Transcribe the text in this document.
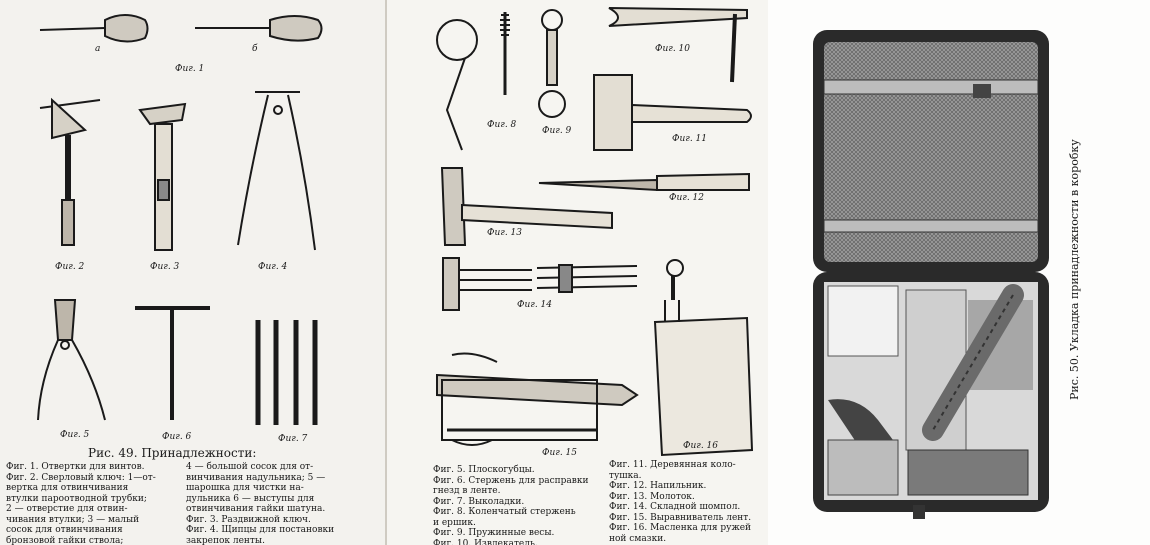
а	б
Фиг. 1
Фиг. 2	Фиг. 3	Фиг. 4
Фиг. 5	Фиг. 6	Фиг. 7
Рис. 49. Принадлежности:
Фиг. 1. Отвертки для винтов.
Фиг. 2. Сверловый ключ: 1—от-
вертка для отвинчивания
втулки пароотводной трубки;
2 — отверстие для отвин-
чивания втулки; 3 — малый
сосок для отвинчивания
бронзовой гайки ствола;
4 — большой сосок для от-
винчивания надульника; 5 —
шарошка для чистки на-
дульника 6 — выступы для
отвинчивания гайки шатуна.
Фиг. 3. Раздвижной ключ.
Фиг. 4. Щипцы для постановки
закрепок ленты.
Фиг. 8
Фиг. 9
Фиг. 10
Фиг. 11
Фиг. 12
Фиг. 13
Фиг. 14
Фиг. 15
Фиг. 16
Фиг. 5. Плоскогубцы.
Фиг. 6. Стержень для расправки
гнезд в ленте.
Фиг. 7. Выколадки.
Фиг. 8. Коленчатый стержень
и ершик.
Фиг. 9. Пружинные весы.
Фиг. 10. Извлекатель.
Фиг. 11. Деревянная коло-
тушка.
Фиг. 12. Напильник.
Фиг. 13. Молоток.
Фиг. 14. Складной шомпол.
Фиг. 15. Выравниватель лент.
Фиг. 16. Масленка для ружей
ной смазки.
Рис. 50. Укладка принадлежности в коробку
